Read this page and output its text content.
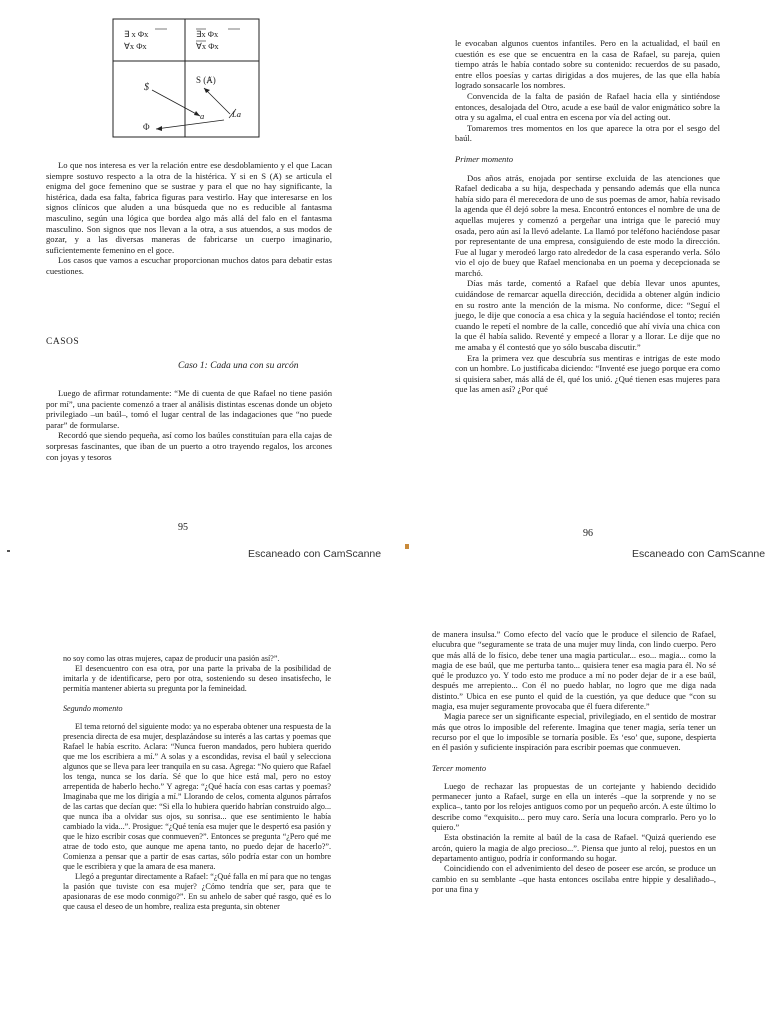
∃ x Φx
∀x Φx
∃x Φx
∀x Φx
$
S (Ⱥ)
a	La
Φ

Lo que nos interesa es ver la relación entre ese desdoblamiento y el que Lacan siempre sostuvo respecto a la otra de la histérica. Y si en S (Ⱥ) se articula el enigma del goce femenino que se sustrae y para el que no hay significante, la histérica, dada esa falta, fabrica figuras para vestirlo. Hay que interesarse en los signos clínicos que aluden a una búsqueda que no es reducible al fantasma masculino, según una lógica que bordea algo más allá del falo en el fantasma masculino. Son signos que nos llevan a la otra, a sus atuendos, a sus modos de gozar, y a las diversas maneras de fabricarse un cuerpo imaginario, suficientemente femenino en el goce.

Los casos que vamos a escuchar proporcionan muchos datos para debatir estas cuestiones.

CASOS
Caso 1: Cada una con su arcón

Luego de afirmar rotundamente: “Me di cuenta de que Rafael no tiene pasión por mí”, una paciente comenzó a traer al análisis distintas escenas donde un objeto privilegiado –un baúl–, tomó el lugar central de las indagaciones que “no puede parar” de formularse.

Recordó que siendo pequeña, así como los baúles constituían para ella cajas de sorpresas fascinantes, que iban de un puerto a otro trayendo regalos, los arcones con joyas y tesoros

95

le evocaban algunos cuentos infantiles. Pero en la actualidad, el baúl en cuestión es ese que se encuentra en la casa de Rafael, su pareja, quien tiempo atrás le había contado sobre su contenido: recuerdos de su pasado, entre ellos poesías y cartas dirigidas a dos mujeres, de las que ella había logrado sonsacarle los nombres.

Convencida de la falta de pasión de Rafael hacia ella y sintiéndose entonces, desalojada del Otro, acude a ese baúl de valor enigmático sobre la otra y su agalma, el cual entra en escena por vía del acting out.

Tomaremos tres momentos en los que aparece la otra por el sesgo del baúl.

Primer momento

Dos años atrás, enojada por sentirse excluida de las atenciones que Rafael dedicaba a su hija, despechada y pensando además que ella nunca había sido para él merecedora de uno de sus poemas de amor, había revisado la agenda que él dejó sobre la mesa. Encontró entonces el nombre de una de aquellas mujeres y comenzó a pergeñar una intriga que le pareció muy osada, pero aún así la llevó adelante. La llamó por teléfono haciéndose pasar por representante de una empresa, consiguiendo de este modo la dirección. Fue al lugar y merodeó largo rato alrededor de la casa esperando verla. Sólo vio el ojo de buey que Rafael mencionaba en un poema y decepcionada se marchó.

Días más tarde, comentó a Rafael que debía llevar unos apuntes, cuidándose de remarcar aquella dirección, decidida a obtener algún indicio en su rostro ante la mención de la misma. No conforme, dice: “Seguí el juego, le dije que conocía a esa chica y la seguía haciéndose el tonto; recién cuando le repetí el nombre de la calle, concedió que ahí vivía una chica con la que él había salido. Reventé y empecé a llorar y a llorar. Le dije que no me amaba y él contestó que yo sólo buscaba discutir.”

Era la primera vez que descubría sus mentiras e intrigas de este modo con un hombre. Lo justificaba diciendo: “Inventé ese juego porque era como si quisiera saber, más allá de él, qué los unió. ¿Qué tienen esas mujeres para que las amen así? ¿Por qué

96
Escaneado con CamScanne	Escaneado con CamScanne

no soy como las otras mujeres, capaz de producir una pasión así?”.

El desencuentro con esa otra, por una parte la privaba de la posibilidad de imitarla y de identificarse, pero por otra, sosteniendo su deseo insatisfecho, le permitía mantener abierta su pregunta por la femineidad.

Segundo momento

El tema retornó del siguiente modo: ya no esperaba obtener una respuesta de la presencia directa de esa mujer, desplazándose su interés a las cartas y poemas que Rafael le había escrito. Aclara: “Nunca fueron mandados, pero hubiera querido que me los escribiera a mí.” A solas y a escondidas, revisa el baúl y selecciona algunos que se lleva para leer tranquila en su casa. Agrega: “No quiero que Rafael los tenga, nunca se los daría. Sé que lo que hice está mal, pero no estoy arrepentida de haberlo hecho.” Y agrega: “¿Qué hacía con esas cartas y poemas? Imaginaba que me los dirigía a mí.” Llorando de celos, comenta algunos párrafos de las cartas que decían que: “Si ella lo hubiera querido habrían construido algo... que nunca iba a olvidar sus ojos, su sonrisa... que ese sentimiento le había cambiado la vida...”. Prosigue: “¿Qué tenía esa mujer que le despertó esa pasión y que le hizo escribir cosas que conmueven?”. Entonces se pregunta “¿Pero qué me atrae de todo esto, que aunque me apena tanto, no puedo dejar de hacerlo?”. Comienza a pensar que a partir de esas cartas, sólo podría estar con un hombre que le escribiera y que la amara de esa manera.

Llegó a preguntar directamente a Rafael: “¿Qué falla en mí para que no tengas la pasión que tuviste con esa mujer? ¿Cómo tendría que ser, para que te apasionaras de ese modo conmigo?”. En su anhelo de saber qué rasgo, qué es lo que causa el deseo de un hombre, realiza esta pregunta, sin obtener

de manera insulsa.” Como efecto del vacío que le produce el silencio de Rafael, elucubra que “seguramente se trata de una mujer muy linda, con lindo cuerpo. Pero que más allá de lo físico, debe tener una magia particular... eso... magia... como la magia de ese baúl, que me perturba tanto... quisiera tener esa magia para él. No sé qué le produzco yo. Y todo esto me produce a mí no poder dejar de ir a ese baúl, después me arrepiento... Con él no puedo hablar, no logro que me diga nada distinto.” Ubica en ese punto el quid de la cuestión, ya que deduce que “con su magia, esa mujer seguramente provocaba que él fuera diferente.”

Magia parece ser un significante especial, privilegiado, en el sentido de mostrar más que otros lo imposible del referente. Imagina que tener magia, sería tener un recurso por el que lo imposible se tornaría posible. Es ‘eso’ que, supone, despierta en él pasión y suficiente inspiración para escribir poemas que conmueven.

Tercer momento

Luego de rechazar las propuestas de un cortejante y habiendo decidido permanecer junto a Rafael, surge en ella un interés –que la sorprende y no se explica–, tanto por los relojes antiguos como por un pequeño arcón. A este último lo describe como “exquisito... pero muy caro. Sería una locura comprarlo. Pero yo lo quiero.”

Esta obstinación la remite al baúl de la casa de Rafael. “Quizá queriendo ese arcón, quiero la magia de algo precioso...”. Piensa que junto al reloj, puestos en un departamento antiguo, podría ir conformando su hogar.

Coincidiendo con el advenimiento del deseo de poseer ese arcón, se produce un cambio en su semblante –que hasta entonces oscilaba entre hippie y desaliñado–, por una fina y
